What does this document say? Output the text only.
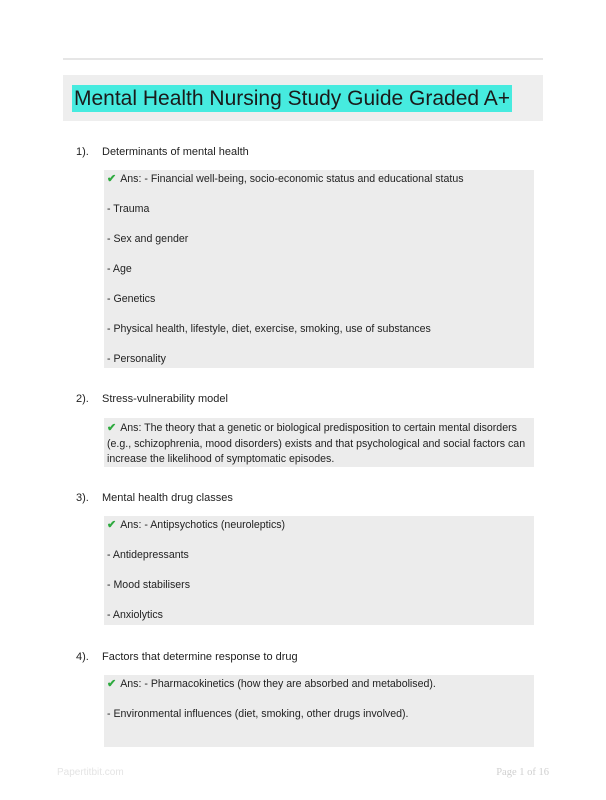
Mental Health Nursing Study Guide Graded A+
1). Determinants of mental health
✔ Ans: - Financial well-being, socio-economic status and educational status
- Trauma
- Sex and gender
- Age
- Genetics
- Physical health, lifestyle, diet, exercise, smoking, use of substances
- Personality
2). Stress-vulnerability model
✔ Ans: The theory that a genetic or biological predisposition to certain mental disorders (e.g., schizophrenia, mood disorders) exists and that psychological and social factors can increase the likelihood of symptomatic episodes.
3). Mental health drug classes
✔ Ans: - Antipsychotics (neuroleptics)
- Antidepressants
- Mood stabilisers
- Anxiolytics
4). Factors that determine response to drug
✔ Ans: - Pharmacokinetics (how they are absorbed and metabolised).
- Environmental influences (diet, smoking, other drugs involved).
Papertitbit.com	Page 1 of 16
